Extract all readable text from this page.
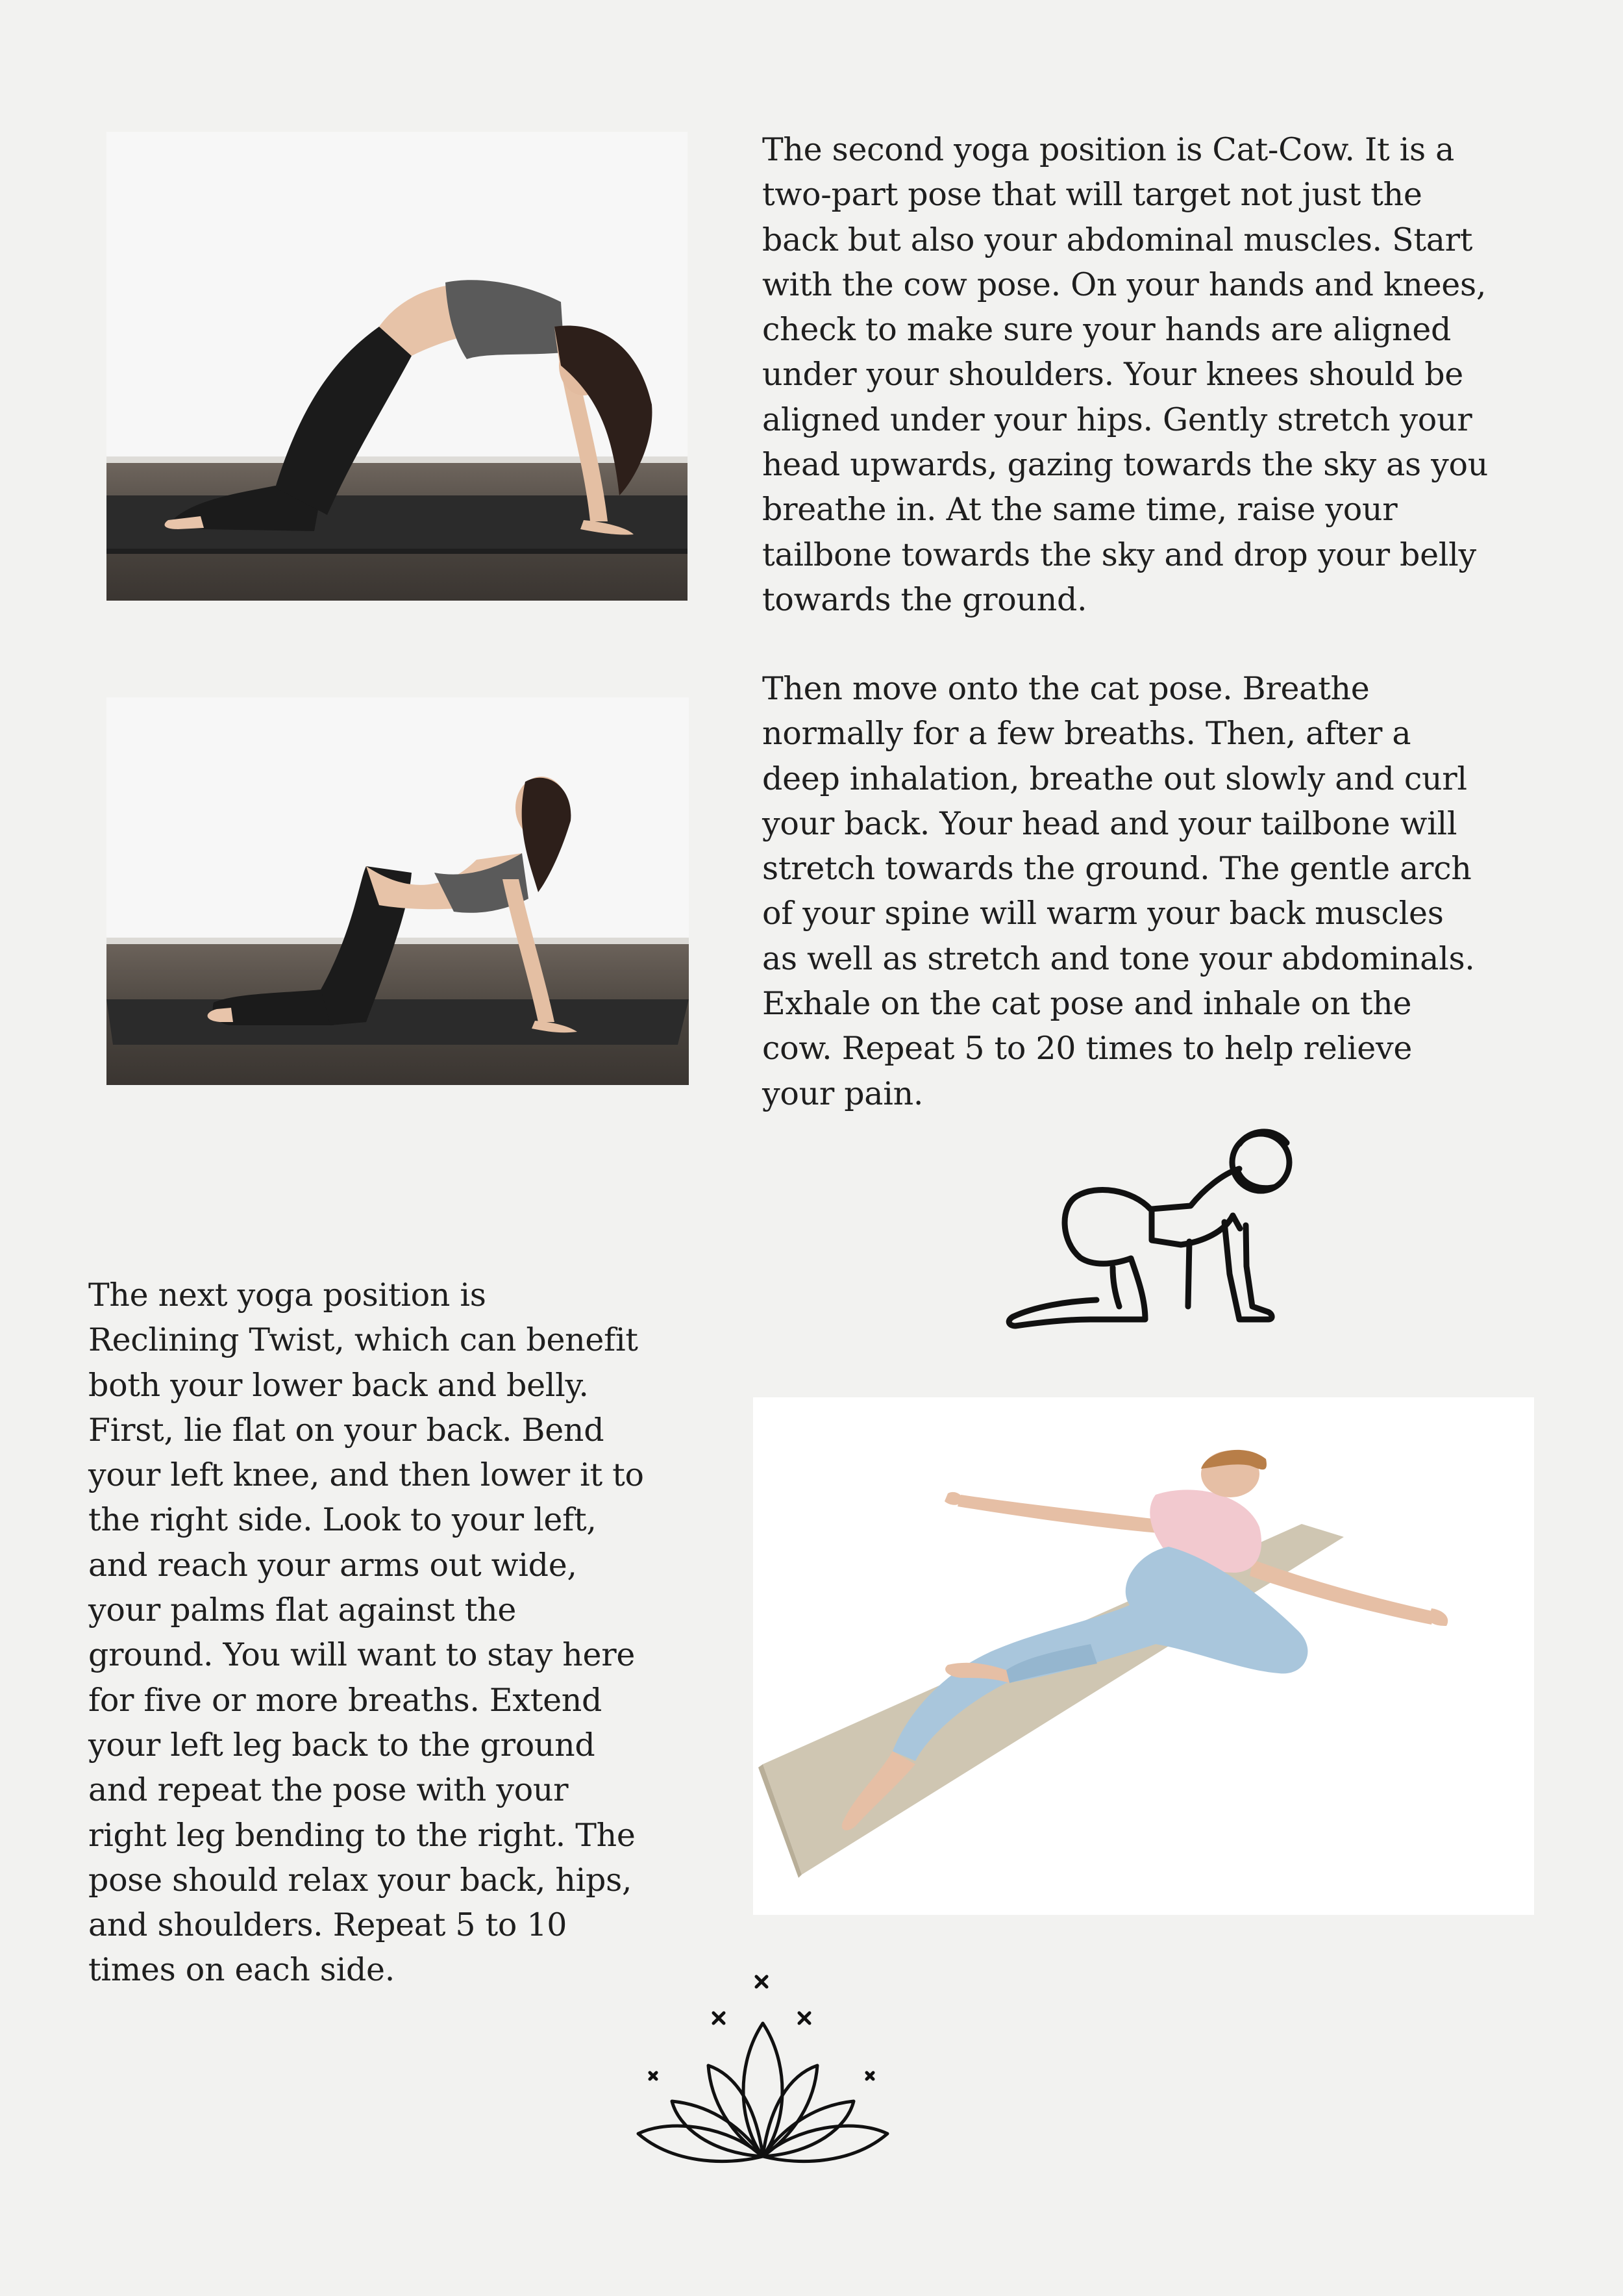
The second yoga position is Cat-Cow. It is a
two-part pose that will target not just the
back but also your abdominal muscles. Start
with the cow pose. On your hands and knees,
check to make sure your hands are aligned
under your shoulders. Your knees should be
aligned under your hips. Gently stretch your
head upwards, gazing towards the sky as you
breathe in. At the same time, raise your
tailbone towards the sky and drop your belly
towards the ground.
Then move onto the cat pose. Breathe
normally for a few breaths. Then, after a
deep inhalation, breathe out slowly and curl
your back. Your head and your tailbone will
stretch towards the ground. The gentle arch
of your spine will warm your back muscles
as well as stretch and tone your abdominals.
Exhale on the cat pose and inhale on the
cow. Repeat 5 to 20 times to help relieve
your pain.
The next yoga position is
Reclining Twist, which can benefit
both your lower back and belly.
First, lie flat on your back. Bend
your left knee, and then lower it to
the right side. Look to your left,
and reach your arms out wide,
your palms flat against the
ground. You will want to stay here
for five or more breaths. Extend
your left leg back to the ground
and repeat the pose with your
right leg bending to the right. The
pose should relax your back, hips,
and shoulders. Repeat 5 to 10
times on each side.
